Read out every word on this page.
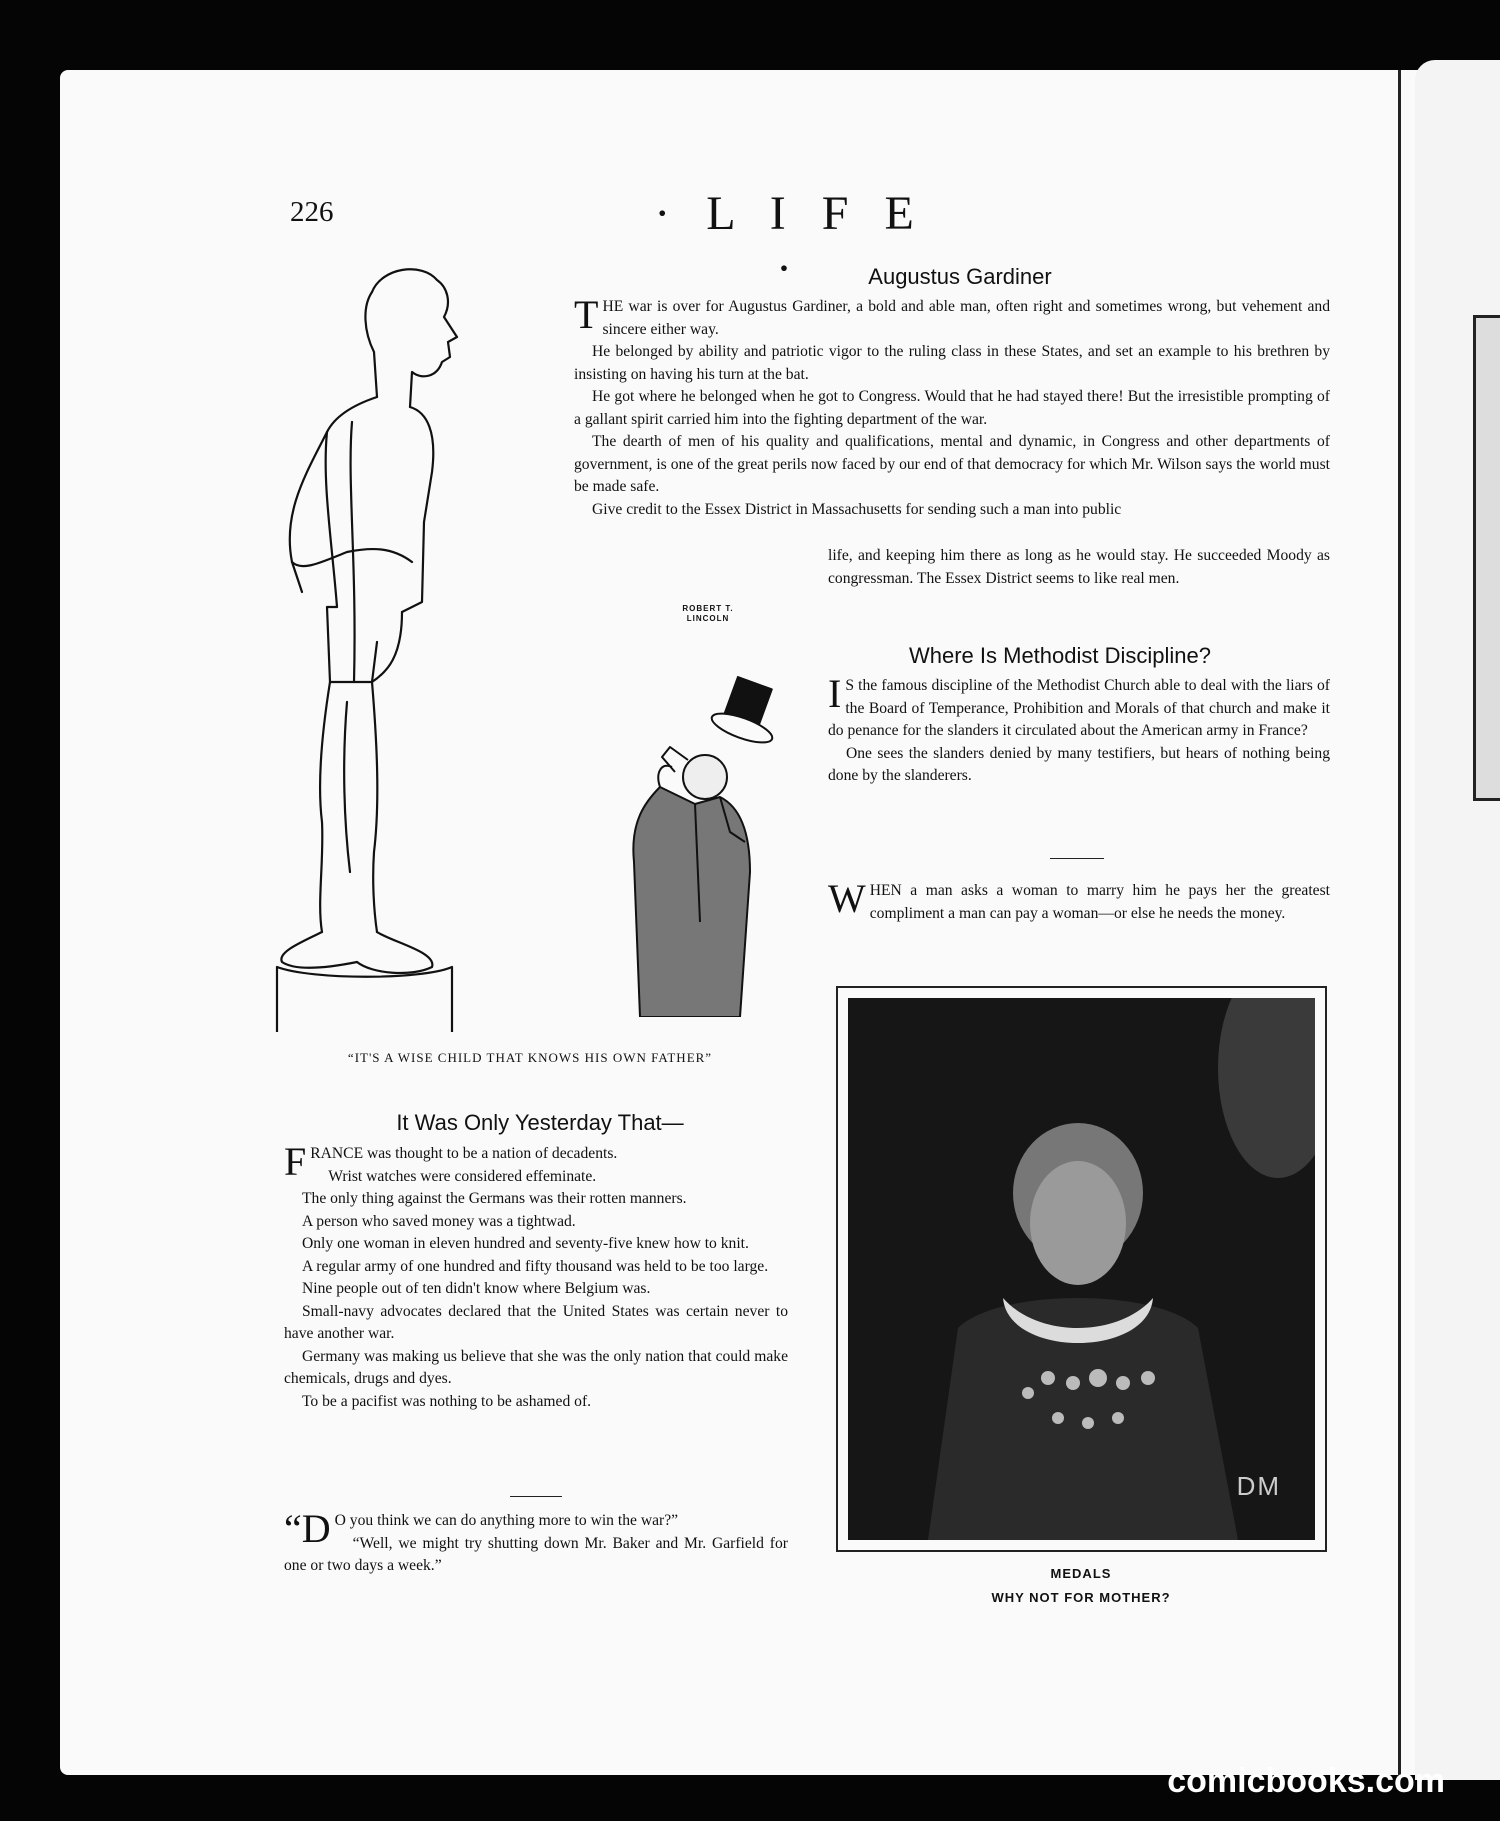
226	· L I F E ·
ROBERT T.
LINCOLN
“IT'S A WISE CHILD THAT KNOWS HIS OWN FATHER”
Augustus Gardiner

THE war is over for Augustus Gardiner, a bold and able man, often right and sometimes wrong, but vehement and sincere either way.

He belonged by ability and patriotic vigor to the ruling class in these States, and set an example to his brethren by insisting on having his turn at the bat.

He got where he belonged when he got to Congress. Would that he had stayed there! But the irresistible prompting of a gallant spirit carried him into the fighting department of the war.

The dearth of men of his quality and qualifications, mental and dynamic, in Congress and other departments of government, is one of the great perils now faced by our end of that democracy for which Mr. Wilson says the world must be made safe.

Give credit to the Essex District in Massachusetts for sending such a man into public

life, and keeping him there as long as he would stay. He succeeded Moody as congressman. The Essex District seems to like real men.

Where Is Methodist Discipline?

I S the famous discipline of the Methodist Church able to deal with the liars of the Board of Temperance, Prohibition and Morals of that church and make it do penance for the slanders it circulated about the American army in France?

One sees the slanders denied by many testifiers, but hears of nothing being done by the slanderers.

WHEN a man asks a woman to marry him he pays her the greatest compliment a man can pay a woman—or else he needs the money.

DM
MEDALS
WHY NOT FOR MOTHER?
It Was Only Yesterday That—

FRANCE was thought to be a nation of decadents.

Wrist watches were considered effeminate.

The only thing against the Germans was their rotten manners.

A person who saved money was a tightwad.

Only one woman in eleven hundred and seventy-five knew how to knit.

A regular army of one hundred and fifty thousand was held to be too large.

Nine people out of ten didn't know where Belgium was.

Small-navy advocates declared that the United States was certain never to have another war.

Germany was making us believe that she was the only nation that could make chemicals, drugs and dyes.

To be a pacifist was nothing to be ashamed of.

“D O you think we can do anything more to win the war?”

“Well, we might try shutting down Mr. Baker and Mr. Garfield for one or two days a week.”

comicbooks.com
